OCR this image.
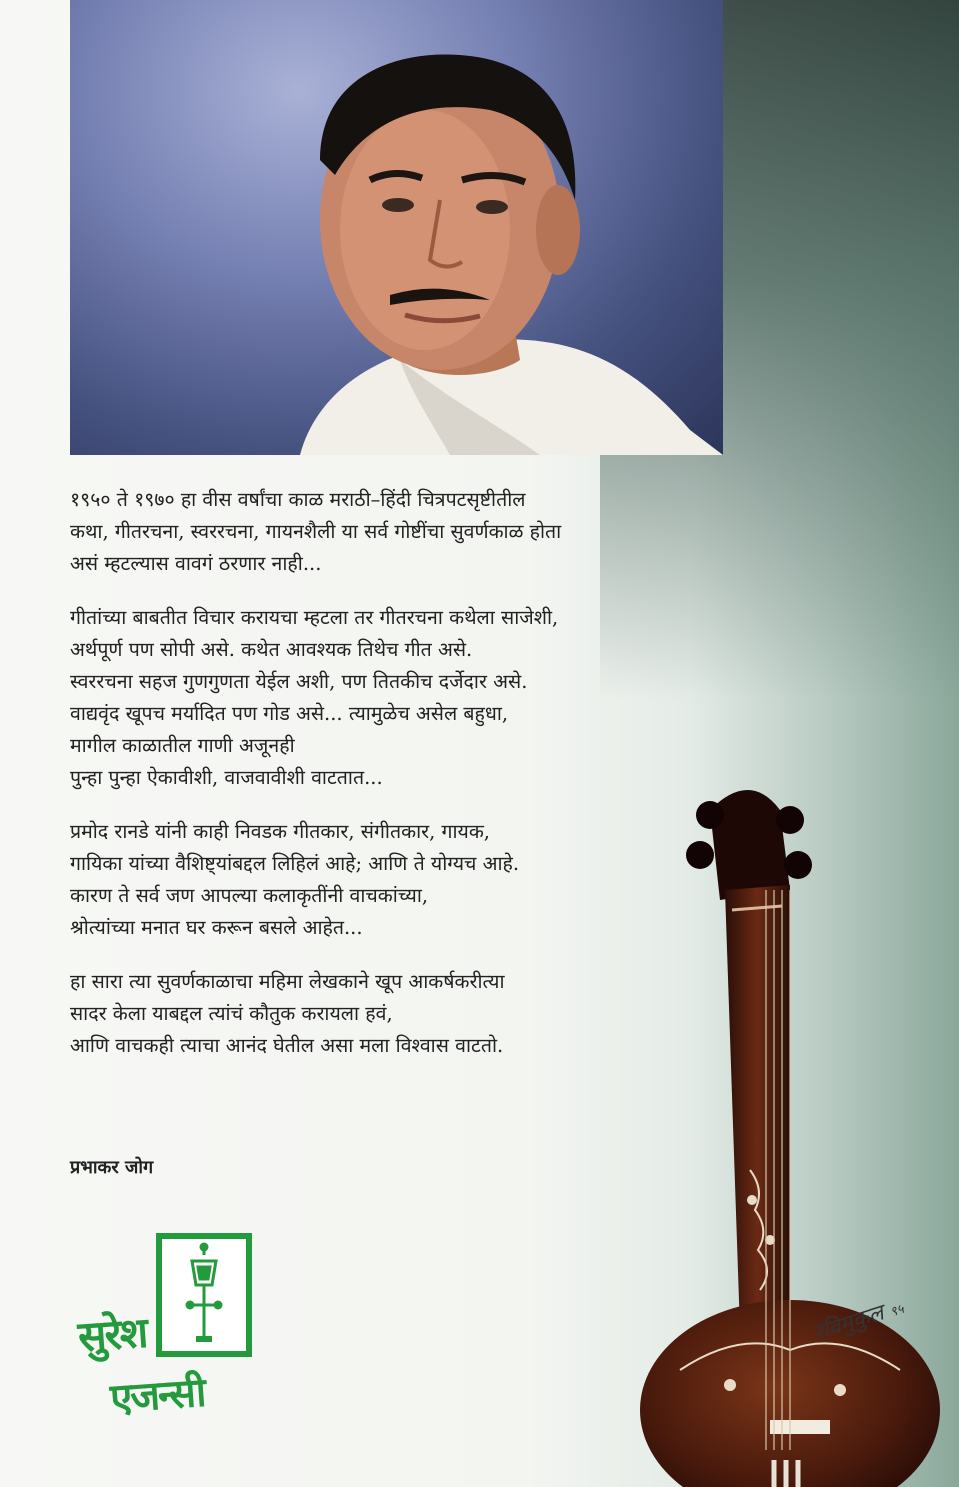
१९५० ते १९७० हा वीस वर्षांचा काळ मराठी–हिंदी चित्रपटसृष्टीतील
कथा, गीतरचना, स्वररचना, गायनशैली या सर्व गोष्टींचा सुवर्णकाळ होता
असं म्हटल्यास वावगं ठरणार नाही...

गीतांच्या बाबतीत विचार करायचा म्हटला तर गीतरचना कथेला साजेशी,
अर्थपूर्ण पण सोपी असे. कथेत आवश्यक तिथेच गीत असे.
स्वररचना सहज गुणगुणता येईल अशी, पण तितकीच दर्जेदार असे.
वाद्यवृंद खूपच मर्यादित पण गोड असे... त्यामुळेच असेल बहुधा,
मागील काळातील गाणी अजूनही
पुन्हा पुन्हा ऐकावीशी, वाजवावीशी वाटतात...

प्रमोद रानडे यांनी काही निवडक गीतकार, संगीतकार, गायक,
गायिका यांच्या वैशिष्ट्यांबद्दल लिहिलं आहे; आणि ते योग्यच आहे.
कारण ते सर्व जण आपल्या कलाकृतींनी वाचकांच्या,
श्रोत्यांच्या मनात घर करून बसले आहेत...

हा सारा त्या सुवर्णकाळाचा महिमा लेखकाने खूप आकर्षकरीत्या
सादर केला याबद्दल त्यांचं कौतुक करायला हवं,
आणि वाचकही त्याचा आनंद घेतील असा मला विश्वास वाटतो.

प्रभाकर जोग
सुरेश
एजन्सी
रविमुकुल ९५
